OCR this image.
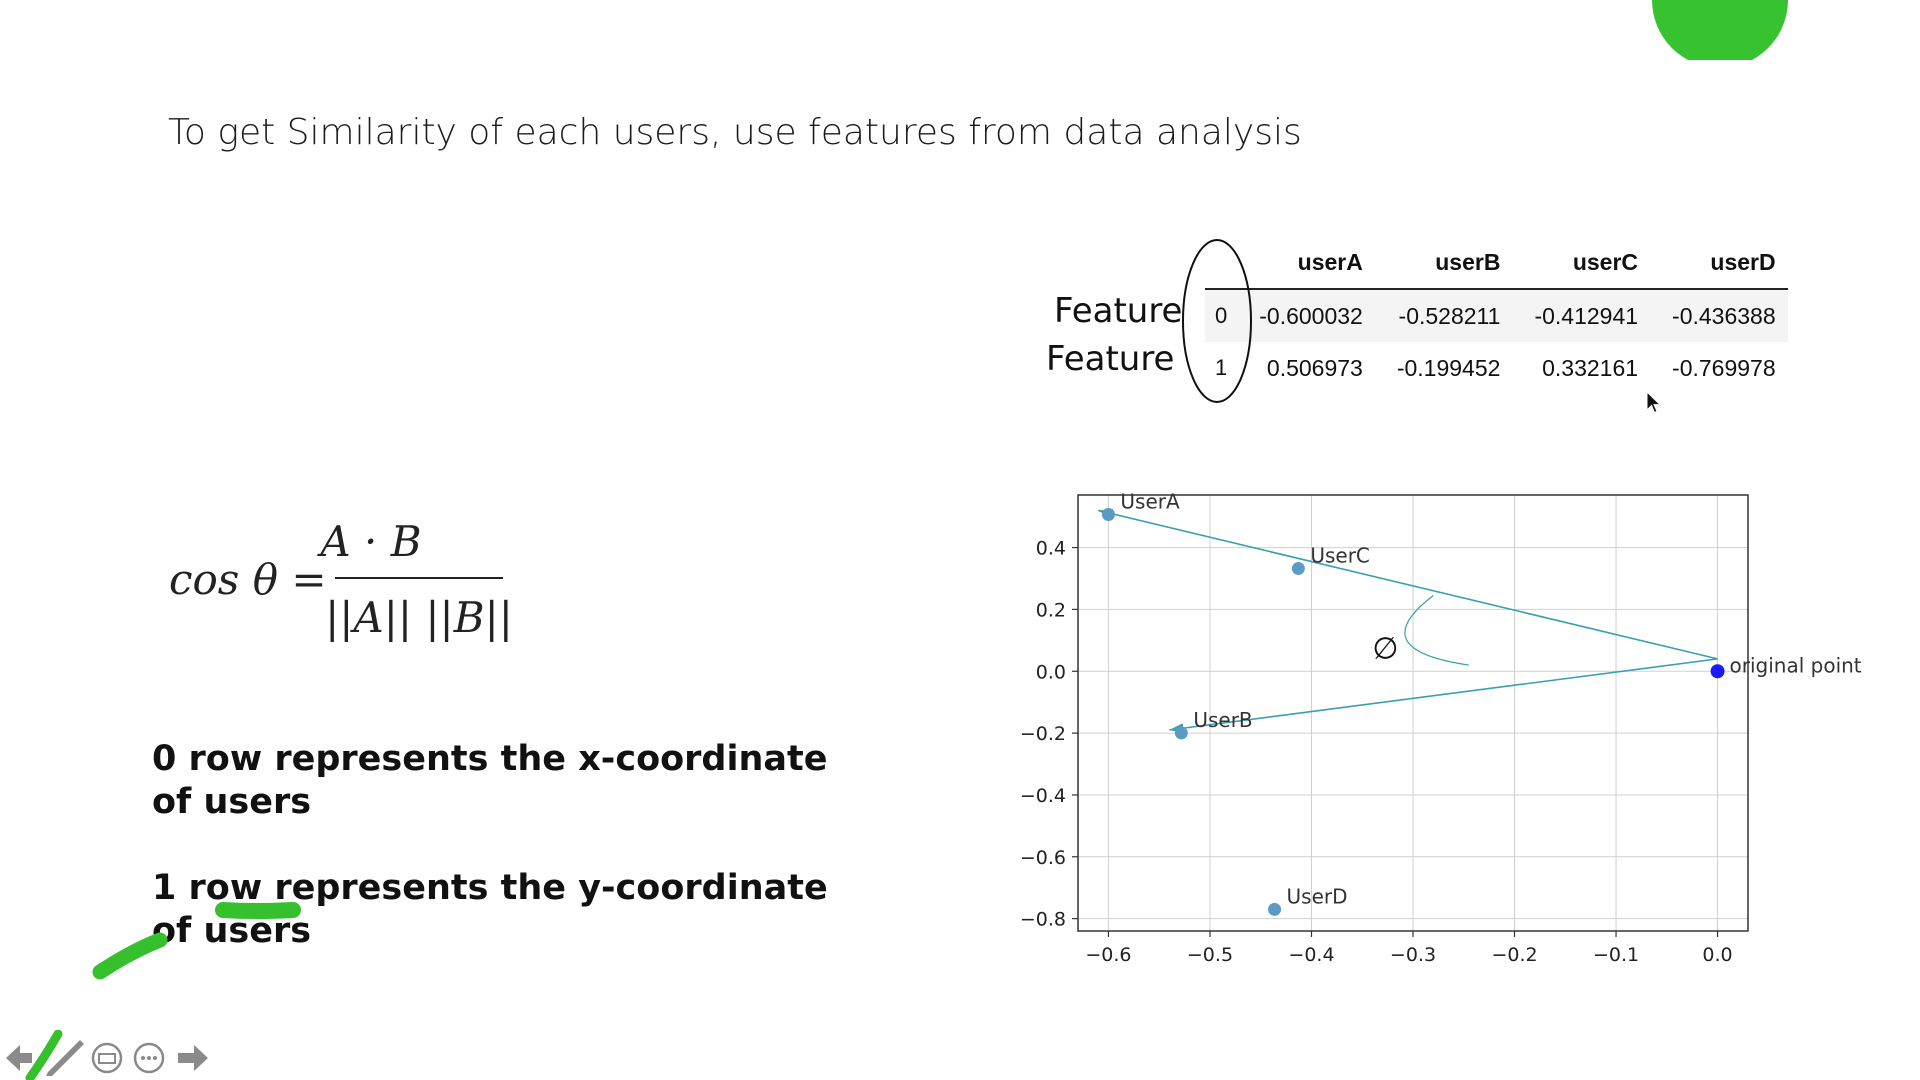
To get Similarity of each users, use features from data analysis
cos θ =
A · B
||A|| ||B||
0 row represents the x-coordinate of users
1 row represents the y-coordinate of users
Feature
Feature
	userA	userB	userC	userD
0	-0.600032	-0.528211	-0.412941	-0.436388
1	0.506973	-0.199452	0.332161	-0.769978
−0.6	−0.5	−0.4	−0.3	−0.2	−0.1	0.0
−0.8
−0.6
−0.4
−0.2
0.0
0.2
0.4
∅
UserA
UserB
UserC
UserD
original point
